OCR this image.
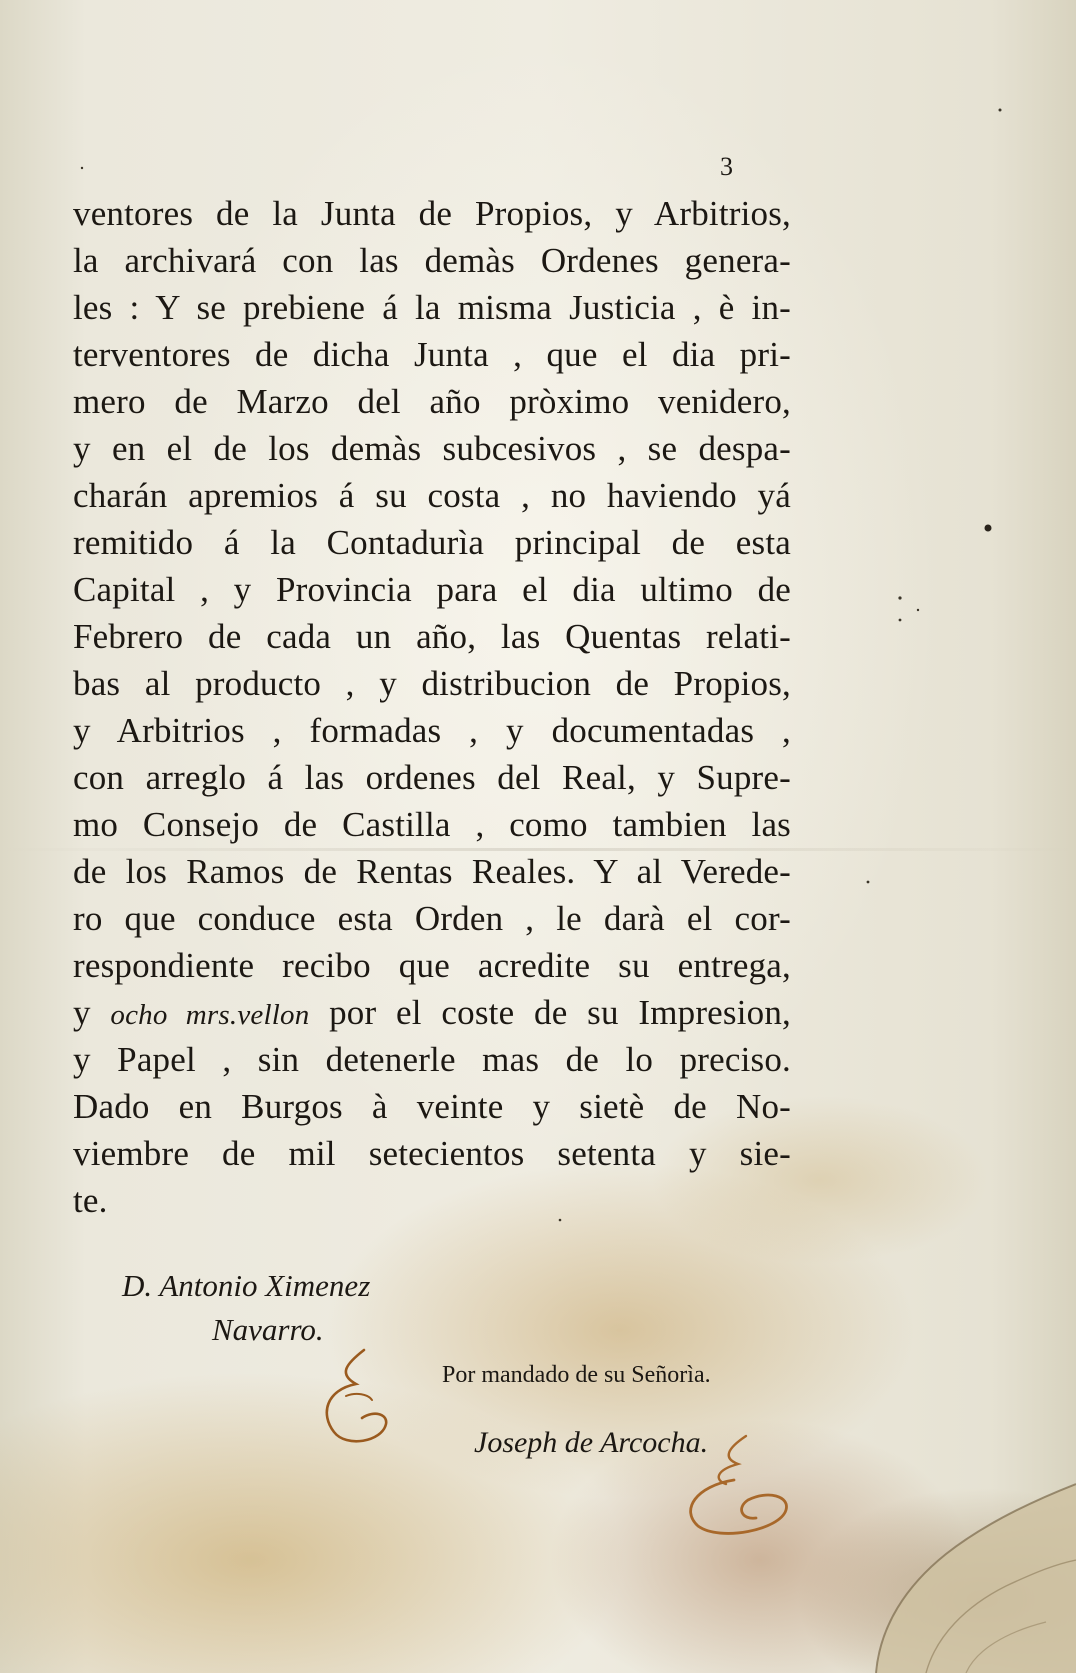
3

ventores de la Junta de Propios, y Arbitrios,
la archivará con las demàs Ordenes genera-
les : Y se prebiene á la misma Justicia , è in-
terventores de dicha Junta , que el dia pri-
mero de Marzo del año pròximo venidero,
y en el de los demàs subcesivos , se despa-
charán apremios á su costa , no haviendo yá
remitido á la Contadurìa principal de esta
Capital , y Provincia para el dia ultimo de
Febrero de cada un año, las Quentas relati-
bas al producto , y distribucion de Propios,
y Arbitrios , formadas , y documentadas ,
con arreglo á las ordenes del Real, y Supre-
mo Consejo de Castilla , como tambien las
de los Ramos de Rentas Reales. Y al Verede-
ro que conduce esta Orden , le darà el cor-
respondiente recibo que acredite su entrega,
y ocho mrs.vellon por el coste de su Impresion,
y Papel , sin detenerle mas de lo preciso.
Dado en Burgos à veinte y sietè de No-
viembre de mil setecientos setenta y sie-
te.

D. Antonio Ximenez

Navarro.

Por mandado de su Señorìa.

Joseph de Arcocha.
